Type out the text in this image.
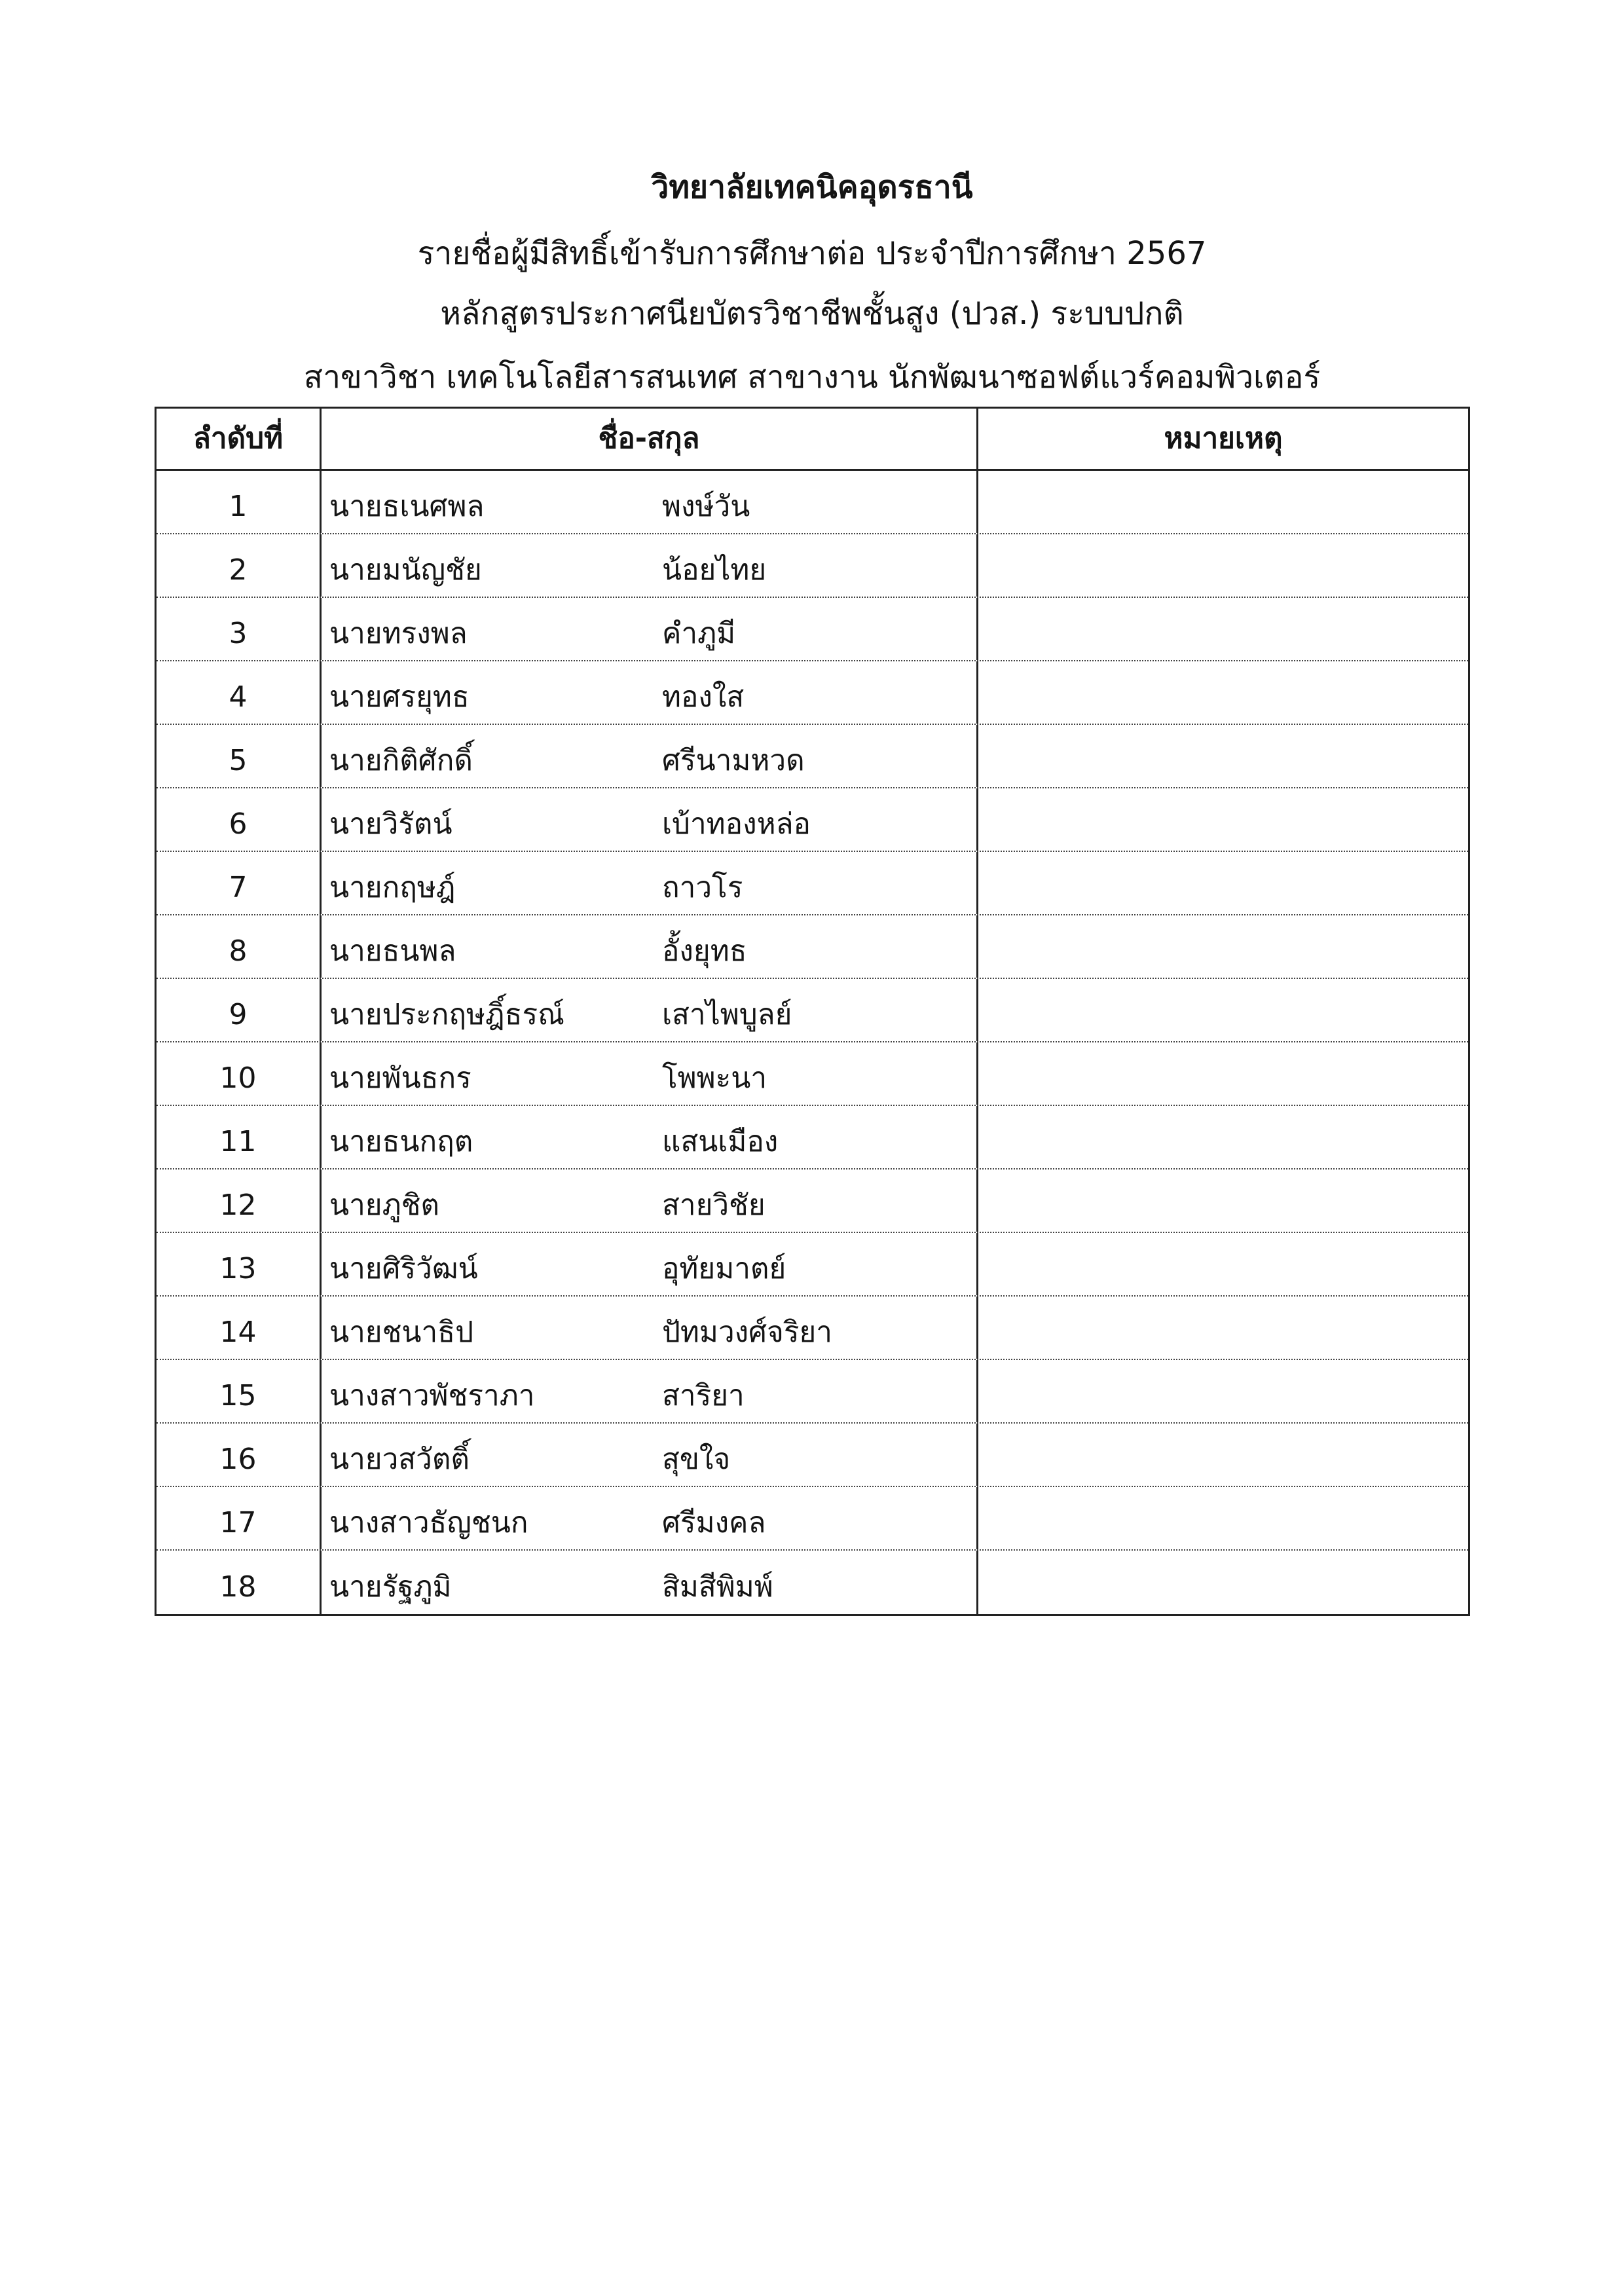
วิทยาลัยเทคนิคอุดรธานี
รายชื่อผู้มีสิทธิ์เข้ารับการศึกษาต่อ ประจำปีการศึกษา 2567
หลักสูตรประกาศนียบัตรวิชาชีพชั้นสูง (ปวส.) ระบบปกติ
สาขาวิชา เทคโนโลยีสารสนเทศ สาขางาน นักพัฒนาซอฟต์แวร์คอมพิวเตอร์
ลำดับที่	ชื่อ-สกุล	หมายเหตุ
1	นายธเนศพล	พงษ์วัน
2	นายมนัญชัย	น้อยไทย
3	นายทรงพล	คำภูมี
4	นายศรยุทธ	ทองใส
5	นายกิติศักดิ์	ศรีนามหวด
6	นายวิรัตน์	เบ้าทองหล่อ
7	นายกฤษฎ์	ถาวโร
8	นายธนพล	อั้งยุทธ
9	นายประกฤษฎิ์ธรณ์	เสาไพบูลย์
10	นายพันธกร	โพพะนา
11	นายธนกฤต	แสนเมือง
12	นายภูชิต	สายวิชัย
13	นายศิริวัฒน์	อุทัยมาตย์
14	นายชนาธิป	ปัทมวงศ์จริยา
15	นางสาวพัชราภา	สาริยา
16	นายวสวัตติ์	สุขใจ
17	นางสาวธัญชนก	ศรีมงคล
18	นายรัฐภูมิ	สิมสีพิมพ์
